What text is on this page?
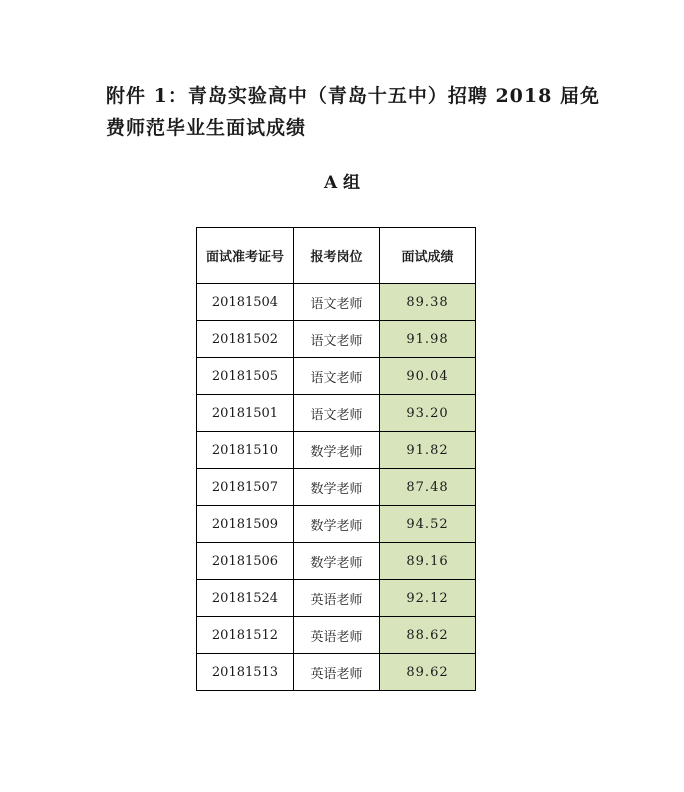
附件 1：青岛实验高中（青岛十五中）招聘 2018 届免费师范毕业生面试成绩
A 组
面试准考证号	报考岗位	面试成绩
20181504	语文老师	89.38
20181502	语文老师	91.98
20181505	语文老师	90.04
20181501	语文老师	93.20
20181510	数学老师	91.82
20181507	数学老师	87.48
20181509	数学老师	94.52
20181506	数学老师	89.16
20181524	英语老师	92.12
20181512	英语老师	88.62
20181513	英语老师	89.62
